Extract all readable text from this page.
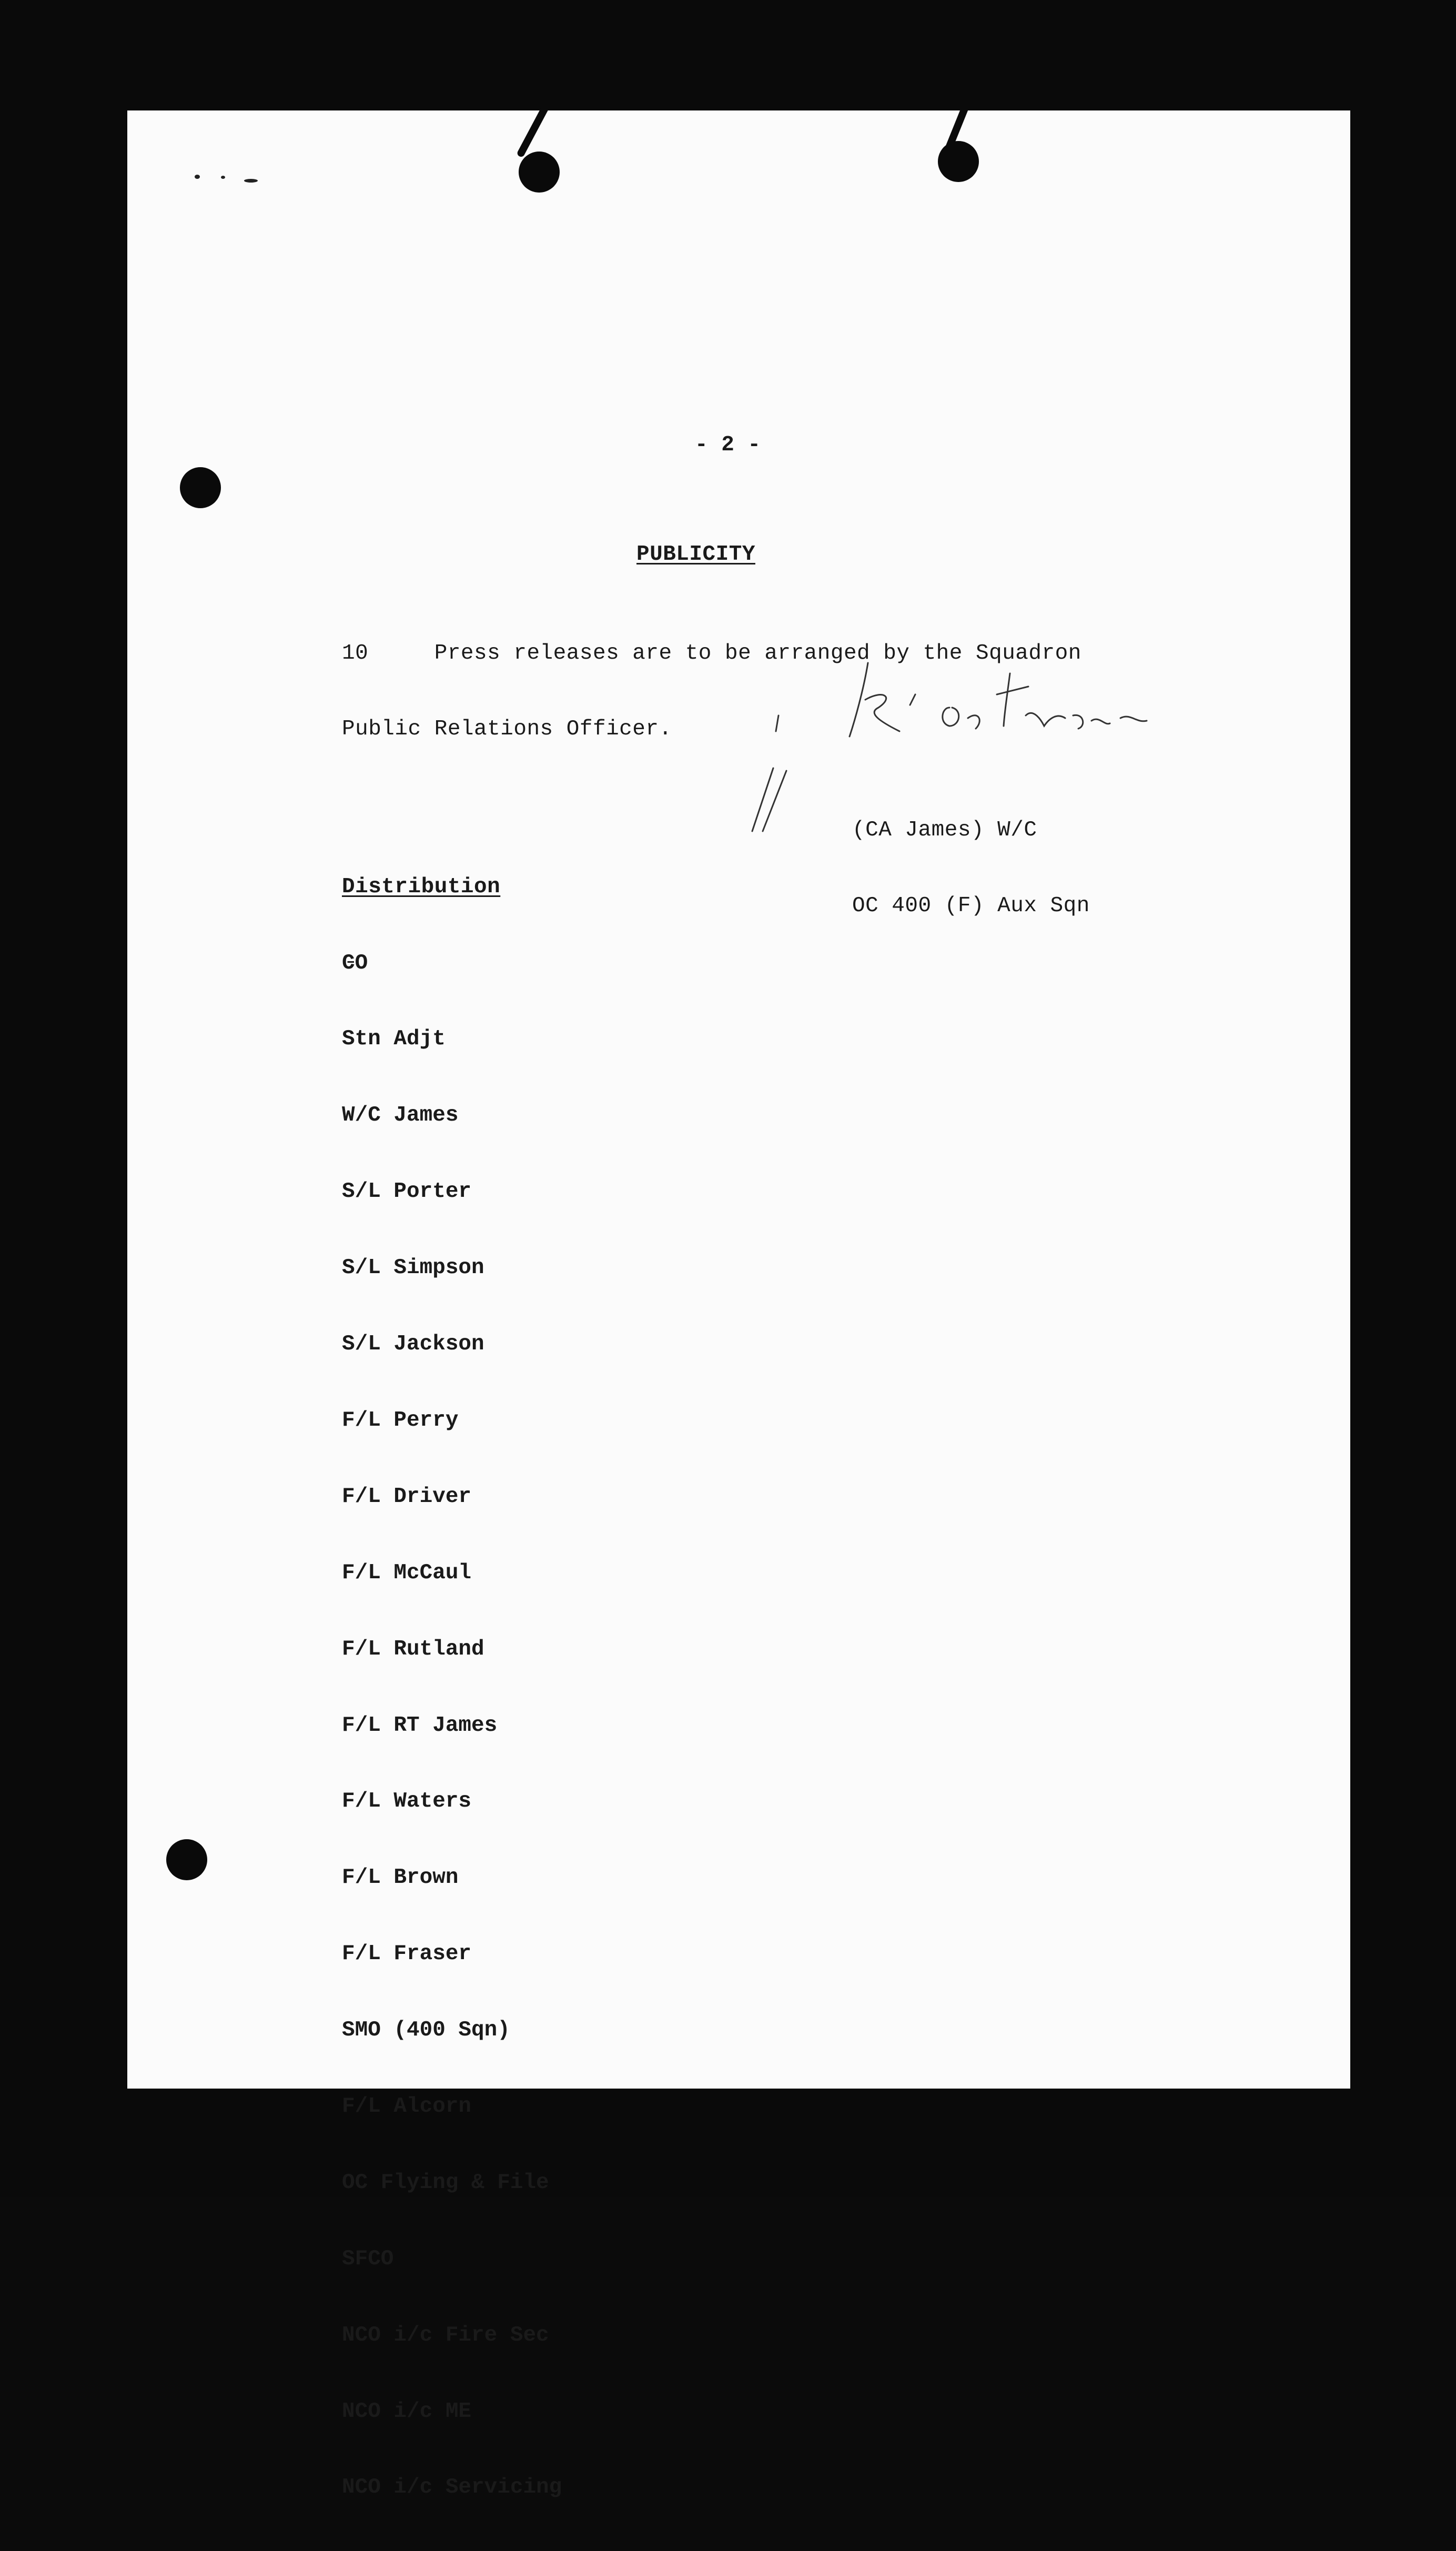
- 2 -
PUBLICITY

10     Press releases are to be arranged by the Squadron

Public Relations Officer.

(CA James) W/C

OC 400 (F) Aux Sqn

Distribution

CO

Stn Adjt

W/C James

S/L Porter

S/L Simpson

S/L Jackson

F/L Perry

F/L Driver

F/L McCaul

F/L Rutland

F/L RT James

F/L Waters

F/L Brown

F/L Fraser

SMO (400 Sqn)

F/L Alcorn

OC Flying & File

SFCO

NCO i/c Fire Sec

NCO i/c ME

NCO i/c Servicing
